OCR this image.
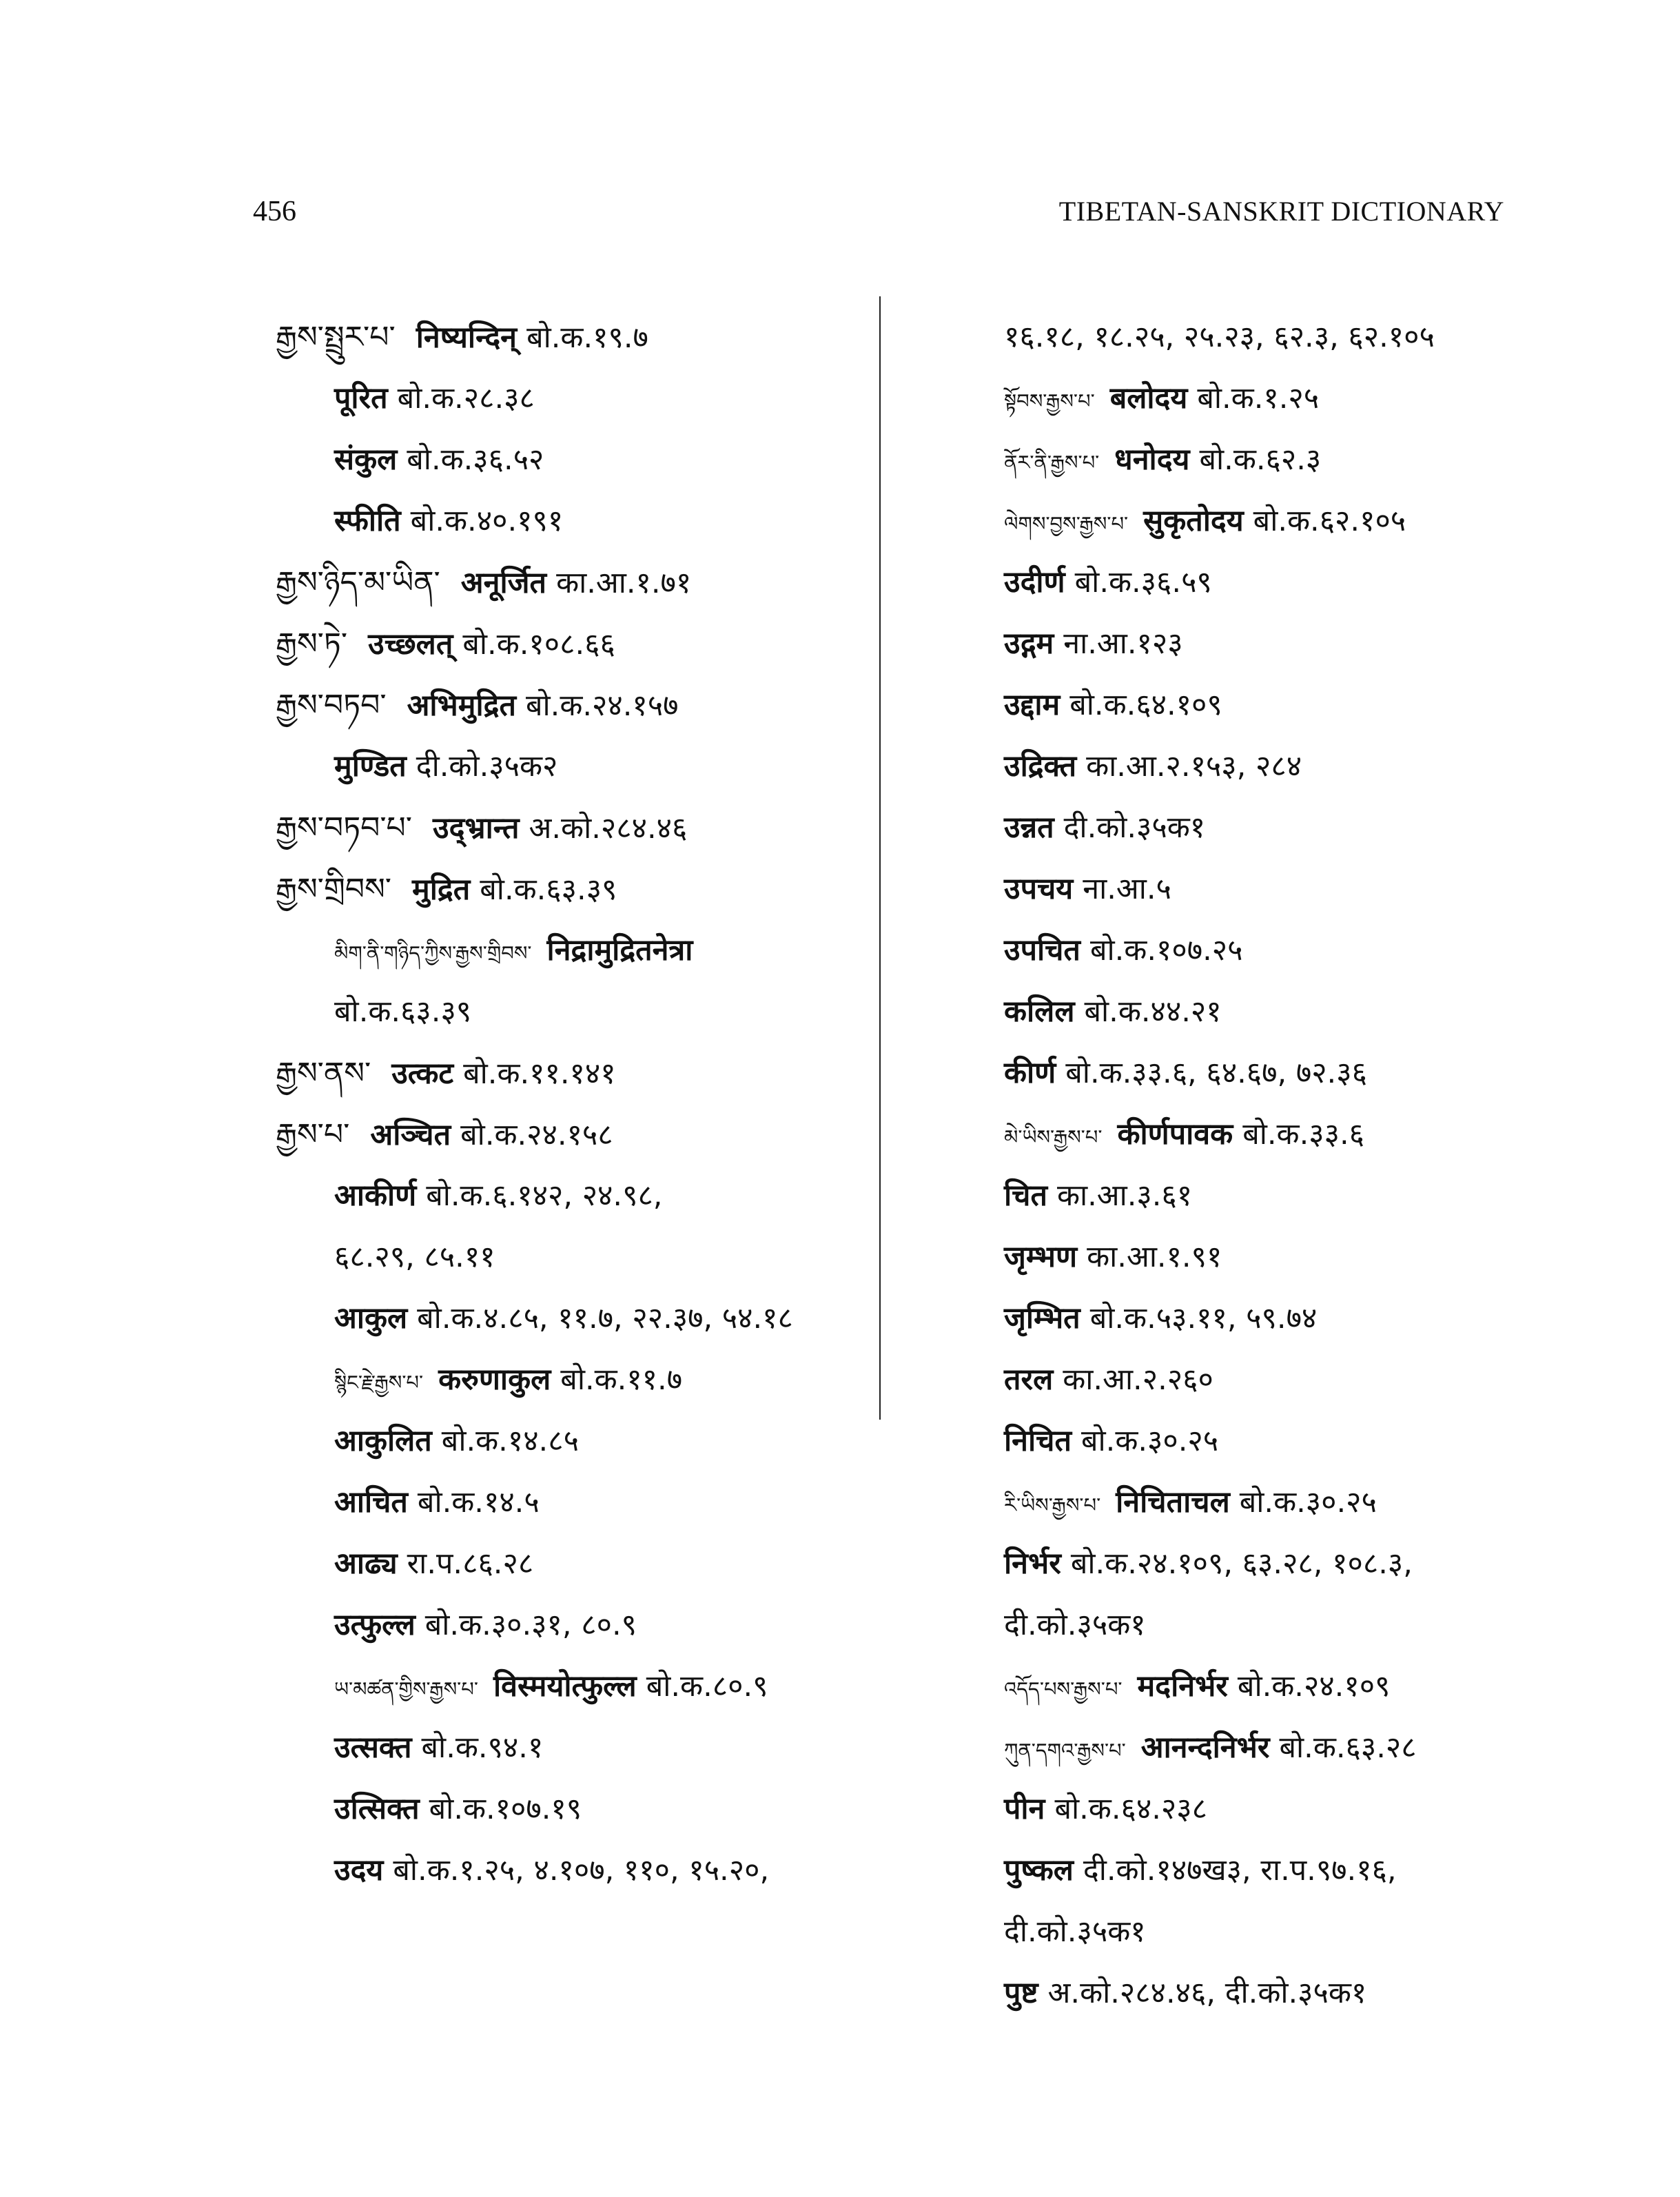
456	TIBETAN-SANSKRIT DICTIONARY
རྒྱས་སྤྲུར་པ་ निष्यन्दिन् बो.क.१९.७
पूरित बो.क.२८.३८
संकुल बो.क.३६.५२
स्फीति बो.क.४०.१९१
རྒྱས་ཉིད་མ་ཡིན་ अनूर्जित का.आ.१.७१
རྒྱས་ཏེ་ उच्छलत् बो.क.१०८.६६
རྒྱས་བཏབ་ अभिमुद्रित बो.क.२४.१५७
मुण्डित दी.को.३५क२
རྒྱས་བཏབ་པ་ उद्भ्रान्त अ.को.२८४.४६
རྒྱས་གྲིབས་ मुद्रित बो.क.६३.३९
མིག་ནི་གཉིད་ཀྱིས་རྒྱས་གྲིབས་ निद्रामुद्रितनेत्रा
बो.क.६३.३९
རྒྱས་ནས་ उत्कट बो.क.११.१४१
རྒྱས་པ་ अञ्चित बो.क.२४.१५८
आकीर्ण बो.क.६.१४२, २४.९८,
६८.२९, ८५.११
आकुल बो.क.४.८५, ११.७, २२.३७, ५४.१८
སྙིང་རྗེ་རྒྱས་པ་ करुणाकुल बो.क.११.७
आकुलित बो.क.१४.८५
आचित बो.क.१४.५
आढ्य रा.प.८६.२८
उत्फुल्ल बो.क.३०.३१, ८०.९
ཡ་མཚན་གྱིས་རྒྱས་པ་ विस्मयोत्फुल्ल बो.क.८०.९
उत्सक्त बो.क.९४.१
उत्सिक्त बो.क.१०७.१९
उदय बो.क.१.२५, ४.१०७, ११०, १५.२०,
१६.१८, १८.२५, २५.२३, ६२.३, ६२.१०५
སྟོབས་རྒྱས་པ་ बलोदय बो.क.१.२५
ནོར་ནི་རྒྱས་པ་ धनोदय बो.क.६२.३
ལེགས་བྱས་རྒྱས་པ་ सुकृतोदय बो.क.६२.१०५
उदीर्ण बो.क.३६.५९
उद्गम ना.आ.१२३
उद्दाम बो.क.६४.१०९
उद्रिक्त का.आ.२.१५३, २८४
उन्नत दी.को.३५क१
उपचय ना.आ.५
उपचित बो.क.१०७.२५
कलिल बो.क.४४.२१
कीर्ण बो.क.३३.६, ६४.६७, ७२.३६
མེ་ཡིས་རྒྱས་པ་ कीर्णपावक बो.क.३३.६
चित का.आ.३.६१
जृम्भण का.आ.१.९१
जृम्भित बो.क.५३.११, ५९.७४
तरल का.आ.२.२६०
निचित बो.क.३०.२५
རི་ཡིས་རྒྱས་པ་ निचिताचल बो.क.३०.२५
निर्भर बो.क.२४.१०९, ६३.२८, १०८.३,
दी.को.३५क१
འདོད་པས་རྒྱས་པ་ मदनिर्भर बो.क.२४.१०९
ཀུན་དགའ་རྒྱས་པ་ आनन्दनिर्भर बो.क.६३.२८
पीन बो.क.६४.२३८
पुष्कल दी.को.१४७ख३, रा.प.९७.१६,
दी.को.३५क१
पुष्ट अ.को.२८४.४६, दी.को.३५क१
